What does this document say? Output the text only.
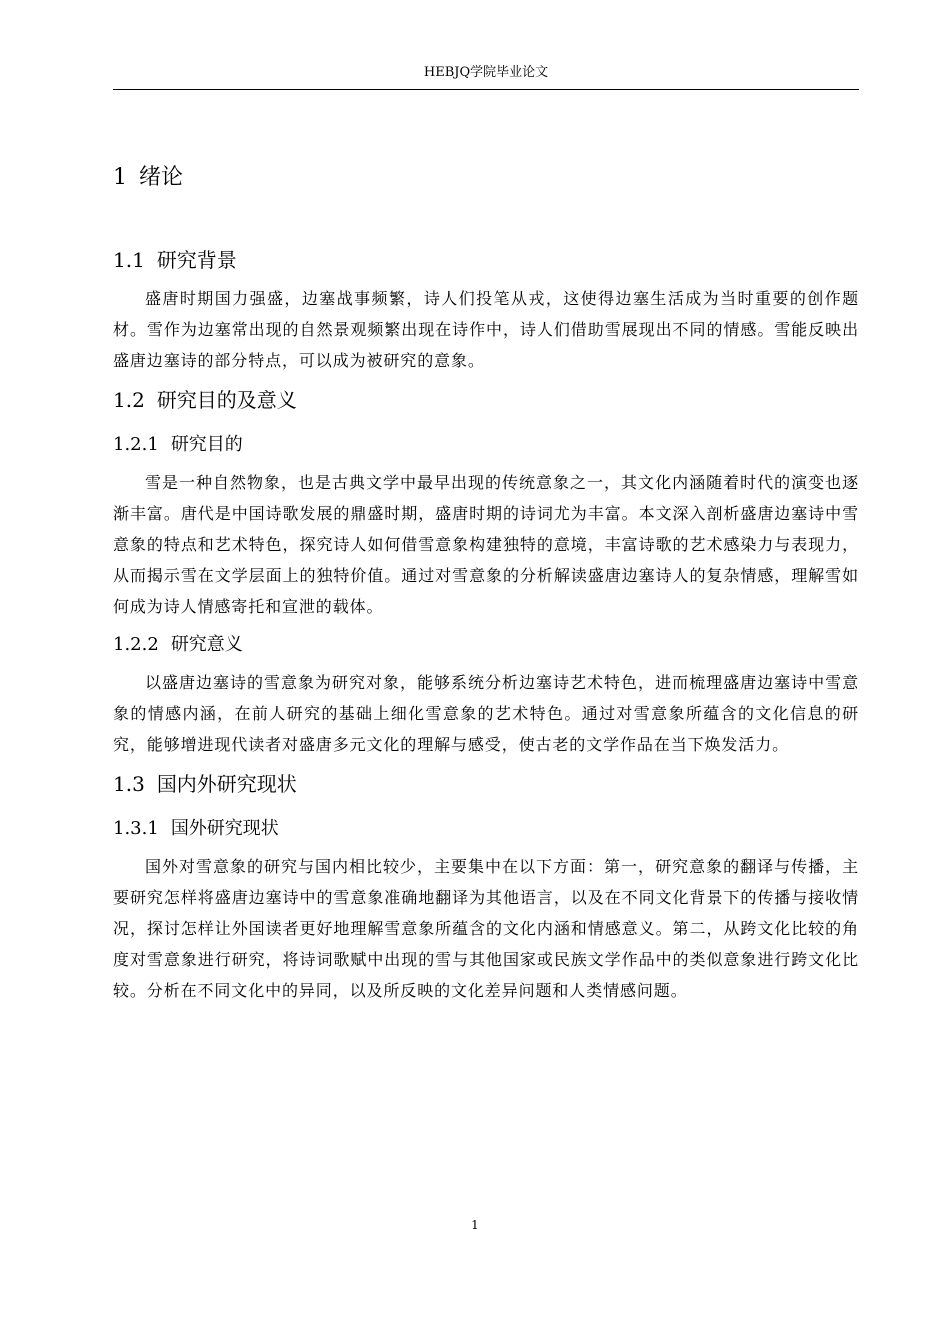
HEBJQ学院毕业论文
1 绪论
1.1 研究背景

盛唐时期国力强盛，边塞战事频繁，诗人们投笔从戎，这使得边塞生活成为当时重要的创作题材。雪作为边塞常出现的自然景观频繁出现在诗作中，诗人们借助雪展现出不同的情感。雪能反映出盛唐边塞诗的部分特点，可以成为被研究的意象。

1.2 研究目的及意义
1.2.1 研究目的

雪是一种自然物象，也是古典文学中最早出现的传统意象之一，其文化内涵随着时代的演变也逐渐丰富。唐代是中国诗歌发展的鼎盛时期，盛唐时期的诗词尤为丰富。本文深入剖析盛唐边塞诗中雪意象的特点和艺术特色，探究诗人如何借雪意象构建独特的意境，丰富诗歌的艺术感染力与表现力，从而揭示雪在文学层面上的独特价值。通过对雪意象的分析解读盛唐边塞诗人的复杂情感，理解雪如何成为诗人情感寄托和宣泄的载体。

1.2.2 研究意义

以盛唐边塞诗的雪意象为研究对象，能够系统分析边塞诗艺术特色，进而梳理盛唐边塞诗中雪意象的情感内涵，在前人研究的基础上细化雪意象的艺术特色。通过对雪意象所蕴含的文化信息的研究，能够增进现代读者对盛唐多元文化的理解与感受，使古老的文学作品在当下焕发活力。

1.3 国内外研究现状
1.3.1 国外研究现状

国外对雪意象的研究与国内相比较少，主要集中在以下方面：第一，研究意象的翻译与传播，主要研究怎样将盛唐边塞诗中的雪意象准确地翻译为其他语言，以及在不同文化背景下的传播与接收情况，探讨怎样让外国读者更好地理解雪意象所蕴含的文化内涵和情感意义。第二，从跨文化比较的角度对雪意象进行研究，将诗词歌赋中出现的雪与其他国家或民族文学作品中的类似意象进行跨文化比较。分析在不同文化中的异同，以及所反映的文化差异问题和人类情感问题。

1
